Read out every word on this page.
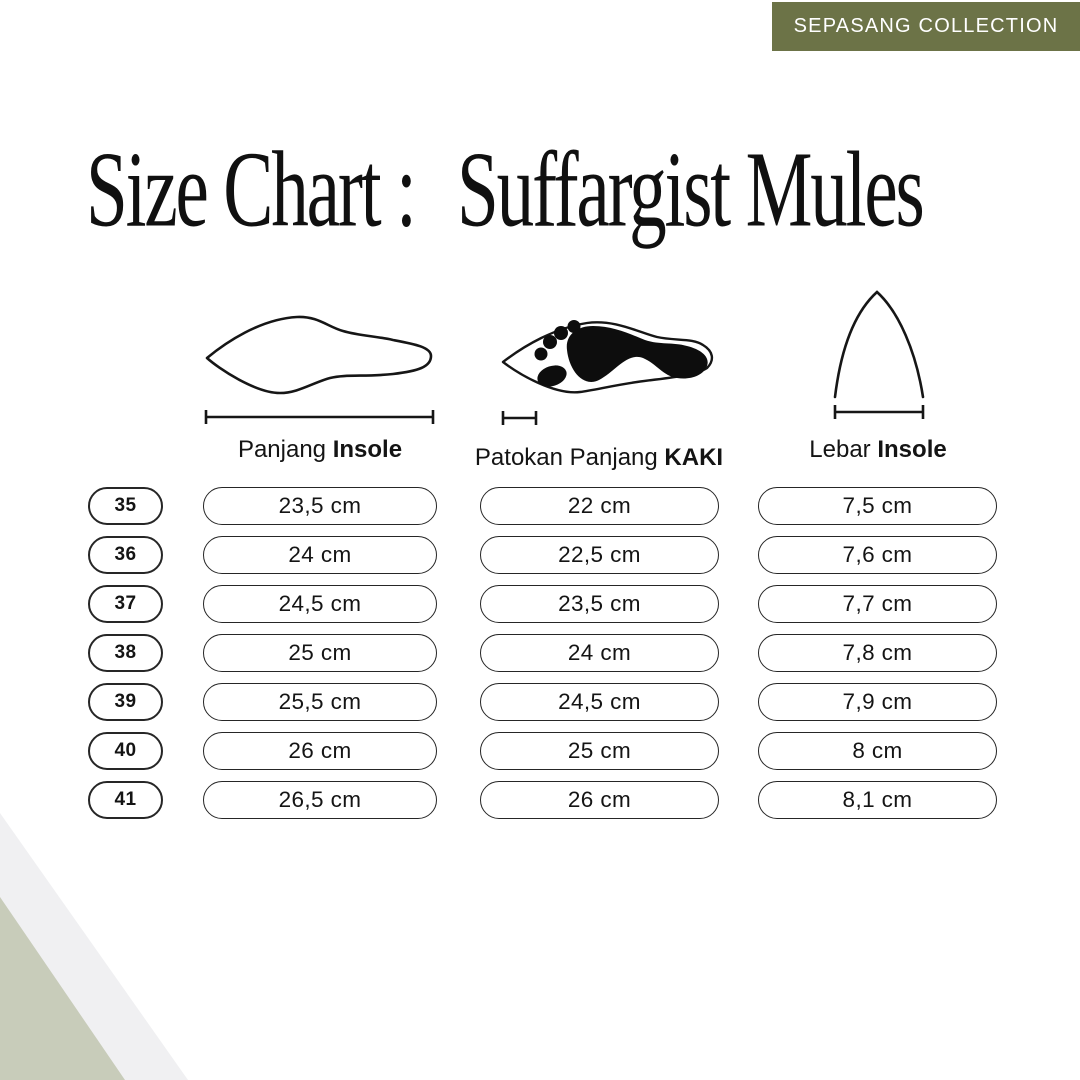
SEPASANG COLLECTION
Size Chart : Suffargist Mules
Panjang Insole	Patokan Panjang KAKI	Lebar Insole
35	23,5 cm	22 cm	7,5 cm
36	24 cm	22,5 cm	7,6 cm
37	24,5 cm	23,5 cm	7,7 cm
38	25 cm	24 cm	7,8 cm
39	25,5 cm	24,5 cm	7,9 cm
40	26 cm	25 cm	8 cm
41	26,5 cm	26 cm	8,1 cm
